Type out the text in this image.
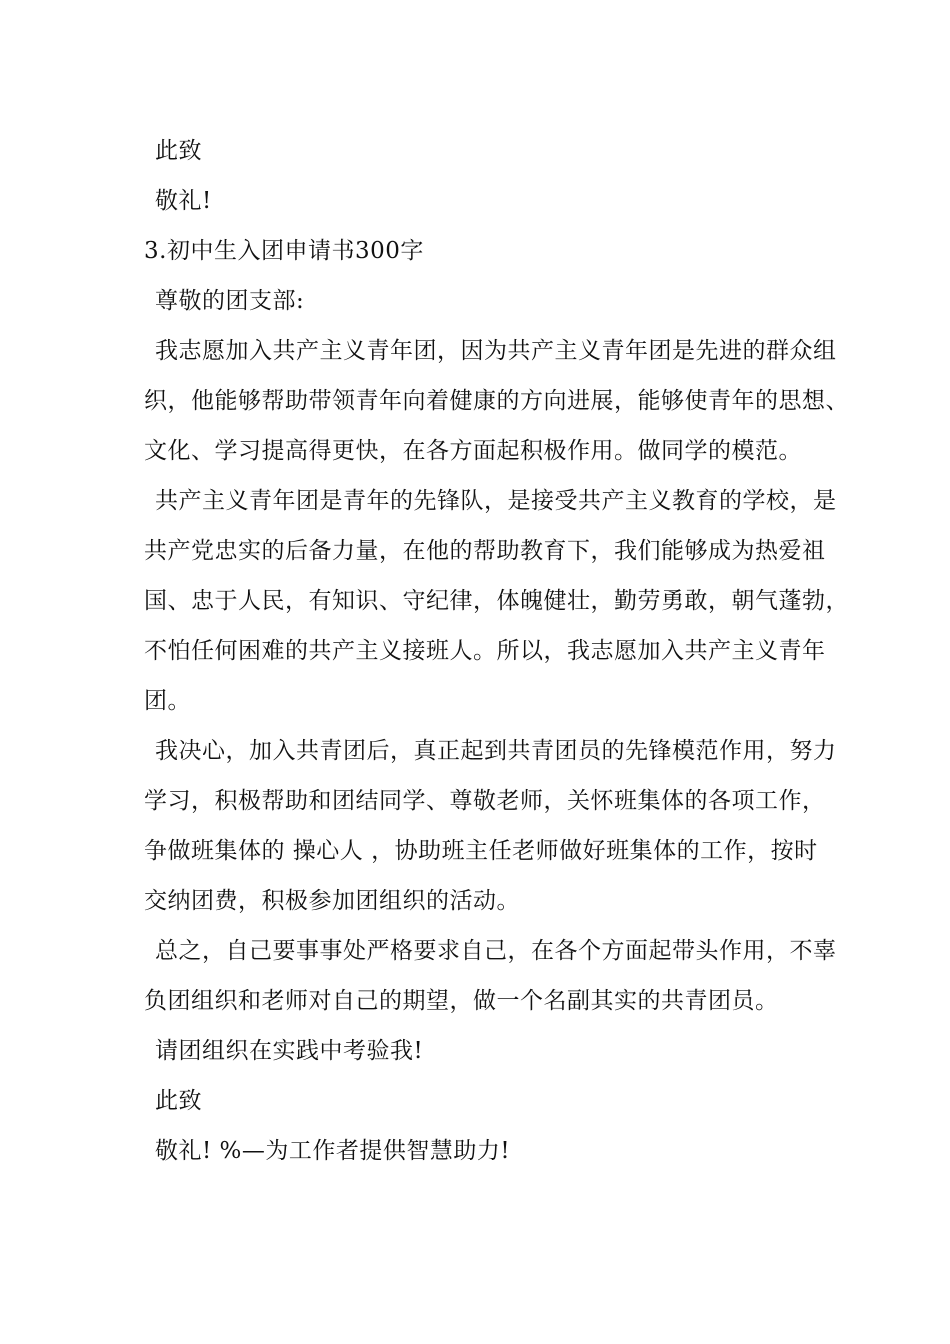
此致
敬礼!
3.初中生入团申请书300字
尊敬的团支部:
我志愿加入共产主义青年团，因为共产主义青年团是先进的群众组
织，他能够帮助带领青年向着健康的方向进展，能够使青年的思想、
文化、学习提高得更快，在各方面起积极作用。做同学的模范。
共产主义青年团是青年的先锋队，是接受共产主义教育的学校，是
共产党忠实的后备力量，在他的帮助教育下，我们能够成为热爱祖
国、忠于人民，有知识、守纪律，体魄健壮，勤劳勇敢，朝气蓬勃，
不怕任何困难的共产主义接班人。所以，我志愿加入共产主义青年
团。
我决心，加入共青团后，真正起到共青团员的先锋模范作用，努力
学习，积极帮助和团结同学、尊敬老师，关怀班集体的各项工作，
争做班集体的 操心人 ，协助班主任老师做好班集体的工作，按时
交纳团费，积极参加团组织的活动。
总之，自己要事事处严格要求自己，在各个方面起带头作用，不辜
负团组织和老师对自己的期望，做一个名副其实的共青团员。
请团组织在实践中考验我!
此致
敬礼! %—为工作者提供智慧助力!
